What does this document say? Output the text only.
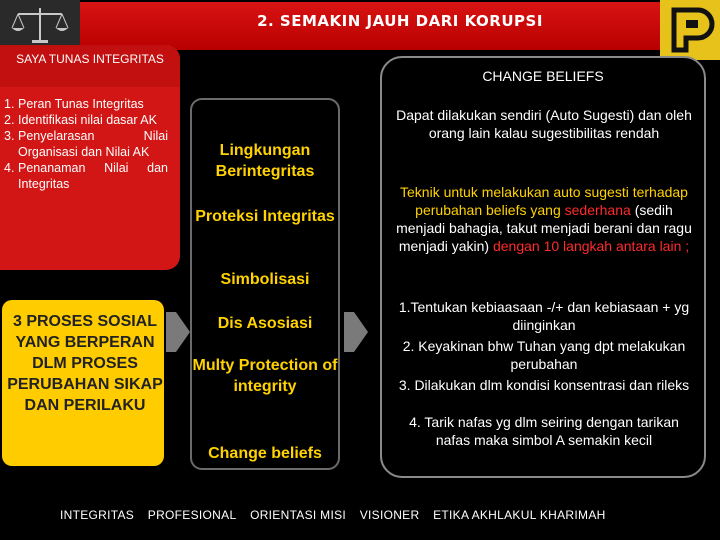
2. SEMAKIN JAUH DARI KORUPSI
SAYA TUNAS INTEGRITAS
1. Peran Tunas Integritas
2. Identifikasi nilai dasar AK
3. Penyelarasan Nilai Organisasi dan Nilai AK
4. Penanaman Nilai dan Integritas
3 PROSES SOSIAL YANG BERPERAN DLM PROSES PERUBAHAN SIKAP DAN PERILAKU
Lingkungan Berintegritas
Proteksi Integritas
Simbolisasi
Dis Asosiasi
Multy Protection of integrity
Change beliefs
CHANGE BELIEFS
Dapat dilakukan sendiri (Auto Sugesti) dan oleh orang lain kalau sugestibilitas rendah
Teknik untuk melakukan auto sugesti terhadap perubahan beliefs yang sederhana (sedih menjadi bahagia, takut menjadi berani dan ragu menjadi yakin) dengan 10 langkah antara lain ;
1.Tentukan kebiaasaan -/+ dan kebiasaan + yg diinginkan
2. Keyakinan bhw Tuhan yang dpt melakukan perubahan
3. Dilakukan dlm kondisi konsentrasi dan rileks
4. Tarik nafas yg dlm seiring dengan tarikan nafas maka simbol A semakin kecil
INTEGRITAS PROFESIONAL ORIENTASI MISI VISIONER ETIKA AKHLAKUL KHARIMAH
